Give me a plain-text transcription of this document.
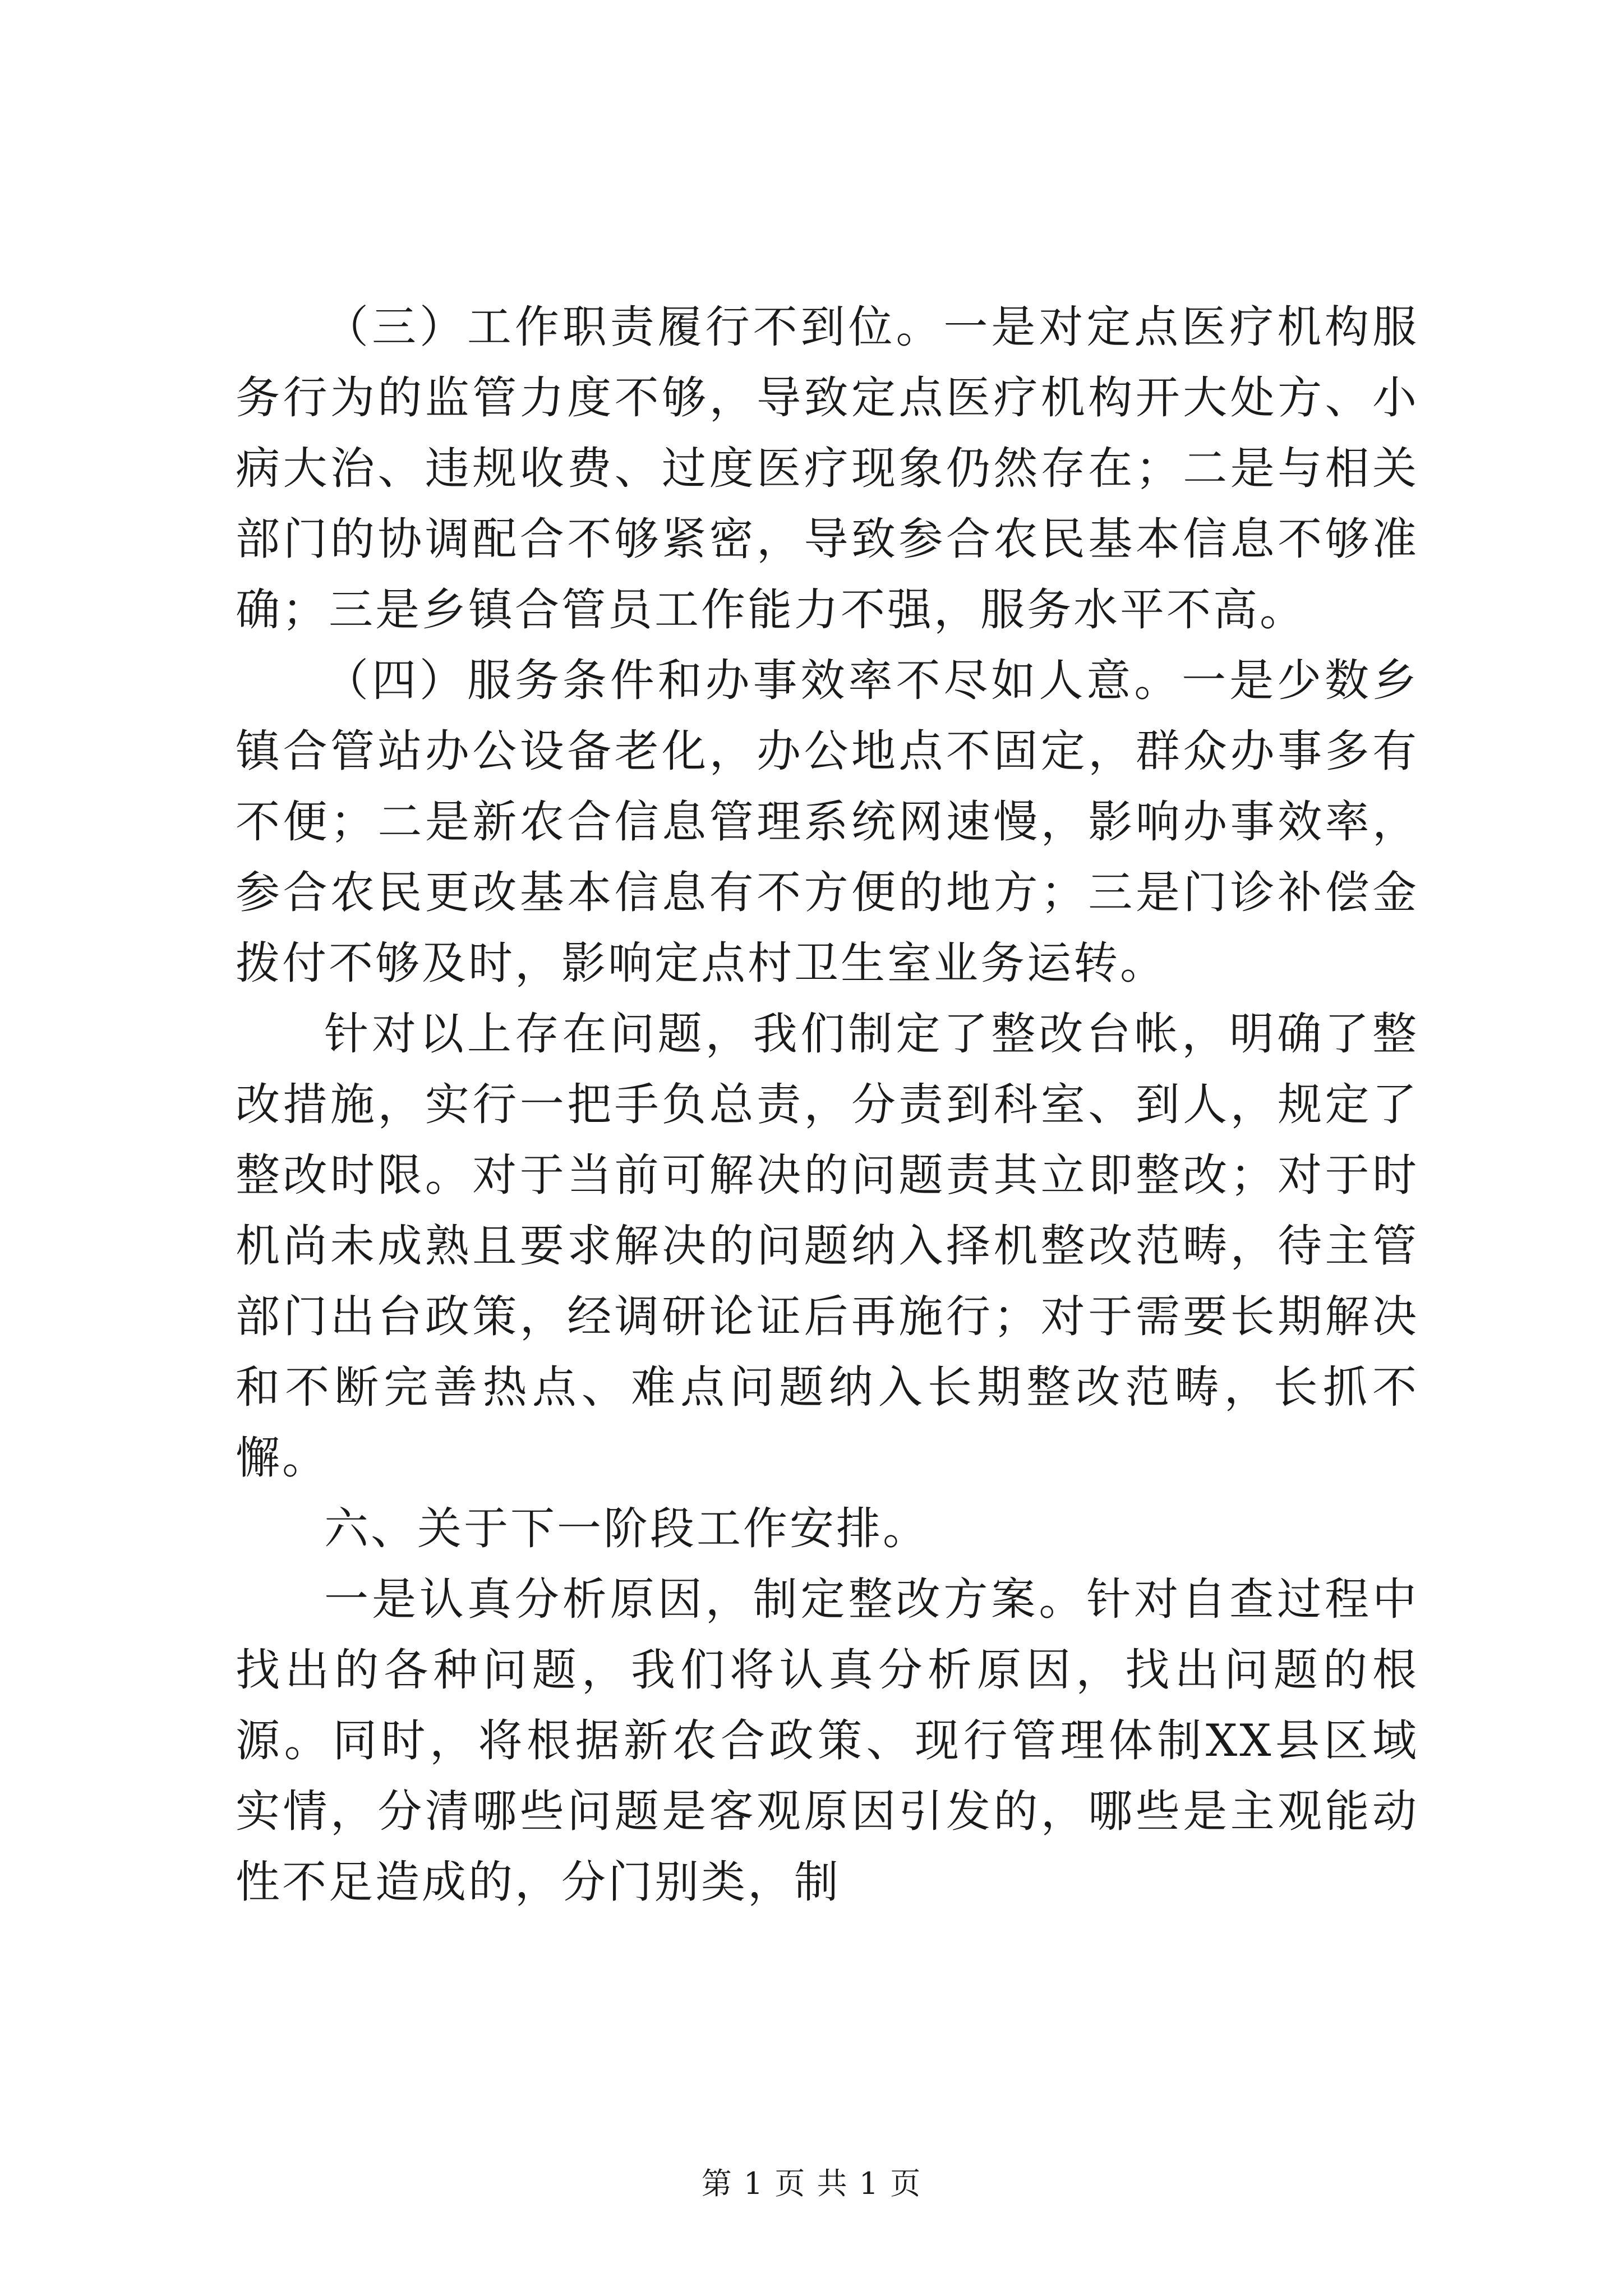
（三）工作职责履行不到位。一是对定点医疗机构服务行为的监管力度不够，导致定点医疗机构开大处方、小病大治、违规收费、过度医疗现象仍然存在；二是与相关部门的协调配合不够紧密，导致参合农民基本信息不够准确；三是乡镇合管员工作能力不强，服务水平不高。

（四）服务条件和办事效率不尽如人意。一是少数乡镇合管站办公设备老化，办公地点不固定，群众办事多有不便；二是新农合信息管理系统网速慢，影响办事效率，参合农民更改基本信息有不方便的地方；三是门诊补偿金拨付不够及时，影响定点村卫生室业务运转。

针对以上存在问题，我们制定了整改台帐，明确了整改措施，实行一把手负总责，分责到科室、到人，规定了整改时限。对于当前可解决的问题责其立即整改；对于时机尚未成熟且要求解决的问题纳入择机整改范畴，待主管部门出台政策，经调研论证后再施行；对于需要长期解决和不断完善热点、难点问题纳入长期整改范畴，长抓不懈。

六、关于下一阶段工作安排。

一是认真分析原因，制定整改方案。针对自查过程中找出的各种问题，我们将认真分析原因，找出问题的根源。同时，将根据新农合政策、现行管理体制XX县区域实情，分清哪些问题是客观原因引发的，哪些是主观能动性不足造成的，分门别类，制

第 1 页 共 1 页
